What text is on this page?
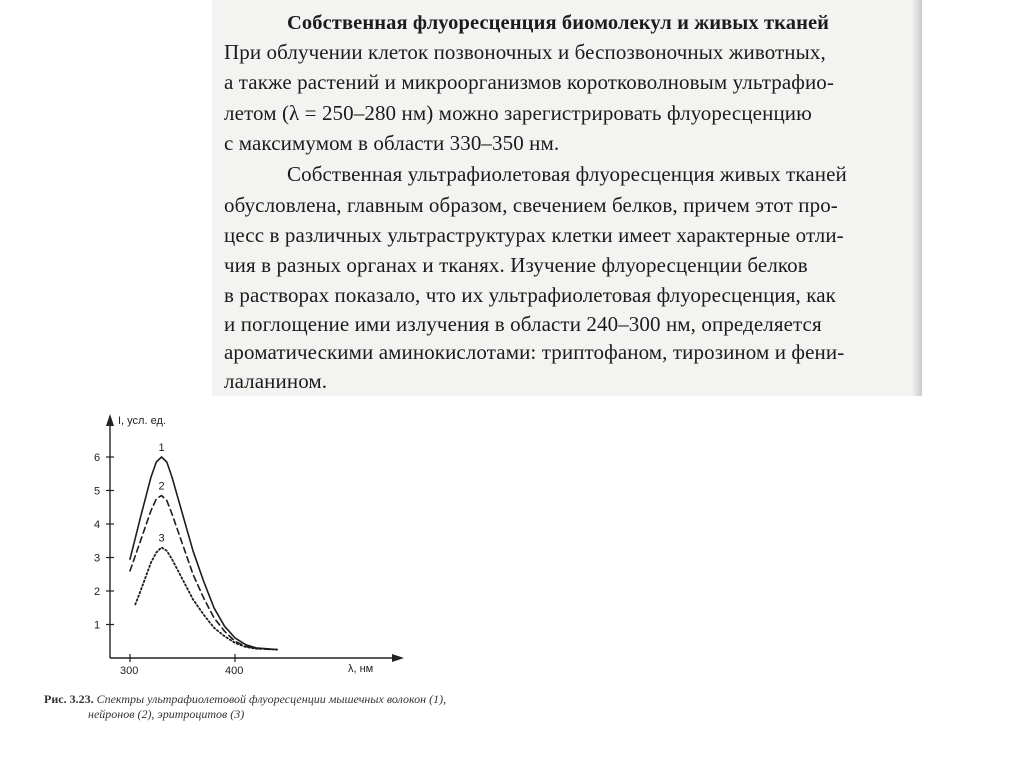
Собственная флуоресценция биомолекул и живых тканей
При облучении клеток позвоночных и беспозвоночных животных,
а также растений и микроорганизмов коротковолновым ультрафио-
летом (λ = 250–280 нм) можно зарегистрировать флуоресценцию
с максимумом в области 330–350 нм.
Собственная ультрафиолетовая флуоресценция живых тканей
обусловлена, главным образом, свечением белков, причем этот про-
цесс в различных ультраструктурах клетки имеет характерные отли-
чия в разных органах и тканях. Изучение флуоресценции белков
в растворах показало, что их ультрафиолетовая флуоресценция, как
и поглощение ими излучения в области 240–300 нм, определяется
ароматическими аминокислотами: триптофаном, тирозином и фени-
лаланином.
I, усл. ед.
λ, нм
1
2
3
4
5
6
300	400
1
2
3
Рис. 3.23. Спектры ультрафиолетовой флуоресценции мышечных волокон (1),
нейронов (2), эритроцитов (3)
